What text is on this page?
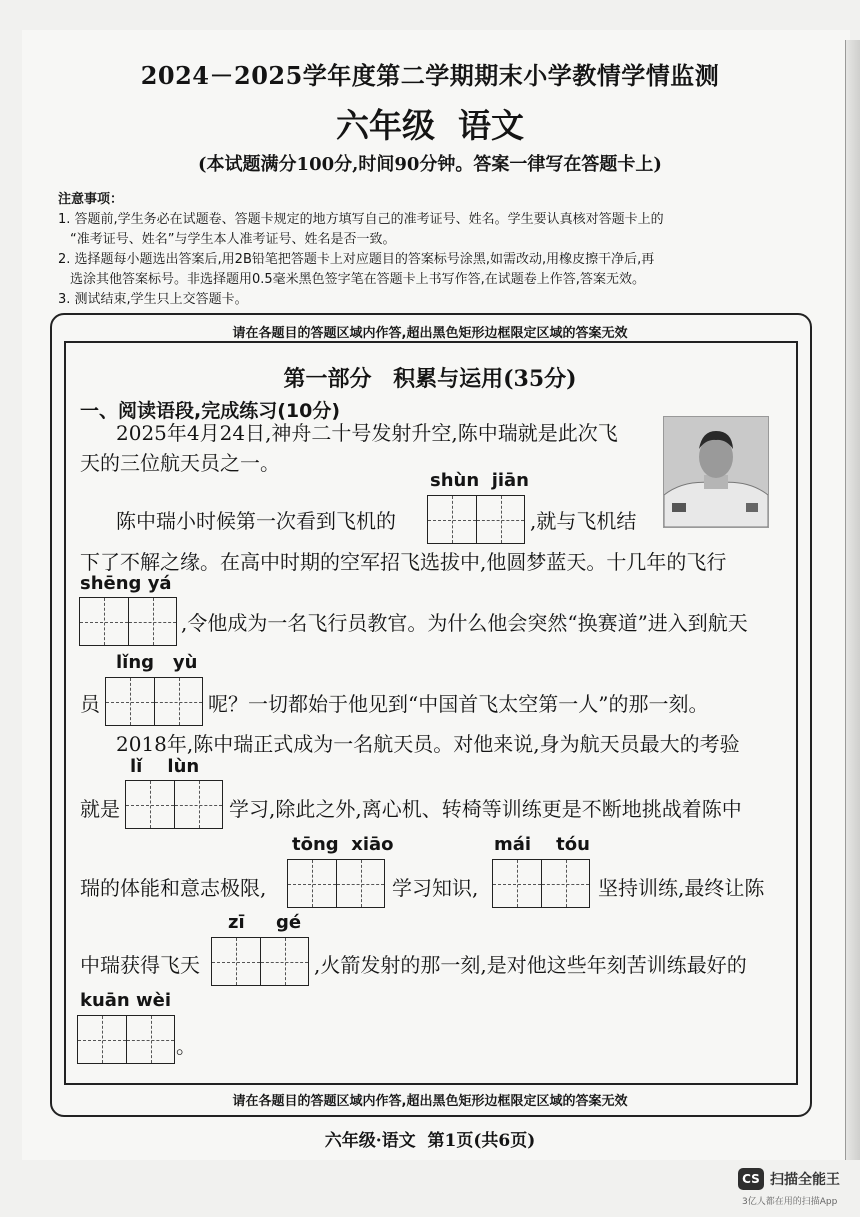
2024－2025学年度第二学期期末小学教情学情监测
六年级  语文
(本试题满分100分,时间90分钟。答案一律写在答题卡上)
注意事项：
1. 答题前,学生务必在试题卷、答题卡规定的地方填写自己的准考证号、姓名。学生要认真核对答题卡上的
“准考证号、姓名”与学生本人准考证号、姓名是否一致。
2. 选择题每小题选出答案后,用2B铅笔把答题卡上对应题目的答案标号涂黑,如需改动,用橡皮擦干净后,再
选涂其他答案标号。非选择题用0.5毫米黑色签字笔在答题卡上书写作答,在试题卷上作答,答案无效。
3. 测试结束,学生只上交答题卡。
请在各题目的答题区域内作答,超出黑色矩形边框限定区域的答案无效
请在各题目的答题区域内作答,超出黑色矩形边框限定区域的答案无效
第一部分 积累与运用(35分)
一、阅读语段,完成练习(10分)
2025年4月24日,神舟二十号发射升空,陈中瑞就是此次飞
天的三位航天员之一。
shùn  jiān
陈中瑞小时候第一次看到飞机的	,就与飞机结
下了不解之缘。在高中时期的空军招飞选拔中,他圆梦蓝天。十几年的飞行
shēng yá
,令他成为一名飞行员教官。为什么他会突然“换赛道”进入到航天
lǐng   yù
员	呢？一切都始于他见到“中国首飞太空第一人”的那一刻。
2018年,陈中瑞正式成为一名航天员。对他来说,身为航天员最大的考验
lǐ    lùn
就是	学习,除此之外,离心机、转椅等训练更是不断地挑战着陈中
tōng  xiāo	mái    tóu
瑞的体能和意志极限,	学习知识,	坚持训练,最终让陈
zī     gé
中瑞获得飞天	,火箭发射的那一刻,是对他这些年刻苦训练最好的
kuān wèi
。
六年级·语文  第1页(共6页)
CS 扫描全能王
3亿人都在用的扫描App
